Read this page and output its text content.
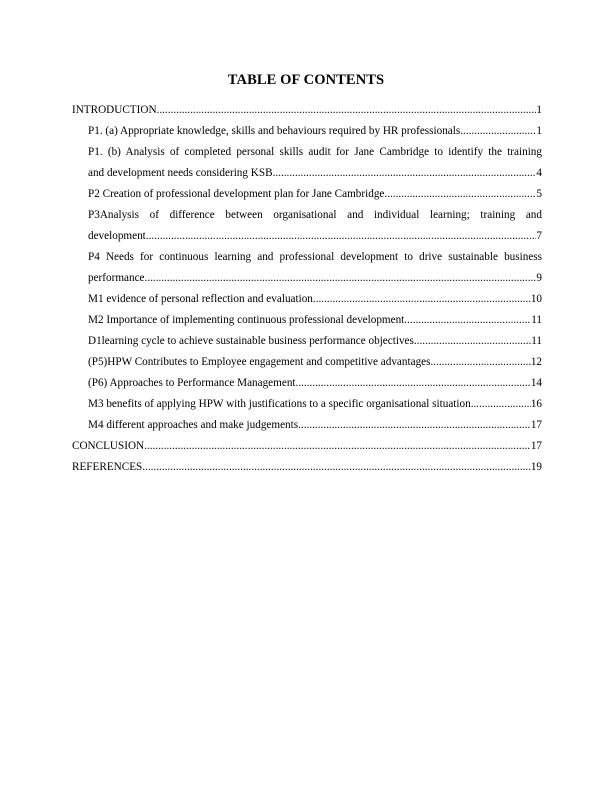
TABLE OF CONTENTS
INTRODUCTION .....	1
P1. (a) Appropriate knowledge, skills and behaviours required by HR professionals .....	1
P1. (b) Analysis of completed personal skills audit for Jane Cambridge to identify the training
and development needs considering KSB .....	4
P2 Creation of professional development plan for Jane Cambridge .....	5
P3Analysis of difference between organisational and individual learning; training and
development .....	7
P4 Needs for continuous learning and professional development to drive sustainable business
performance .....	9
M1 evidence of personal reflection and evaluation .....	10
M2 Importance of implementing continuous professional development .....	11
D1learning cycle to achieve sustainable business performance objectives .....	11
(P5)HPW Contributes to Employee engagement and competitive advantages .....	12
(P6) Approaches to Performance Management .....	14
M3 benefits of applying HPW with justifications to a specific organisational situation .....	16
M4 different approaches and make judgements .....	17
CONCLUSION .....	17
REFERENCES .....	19
